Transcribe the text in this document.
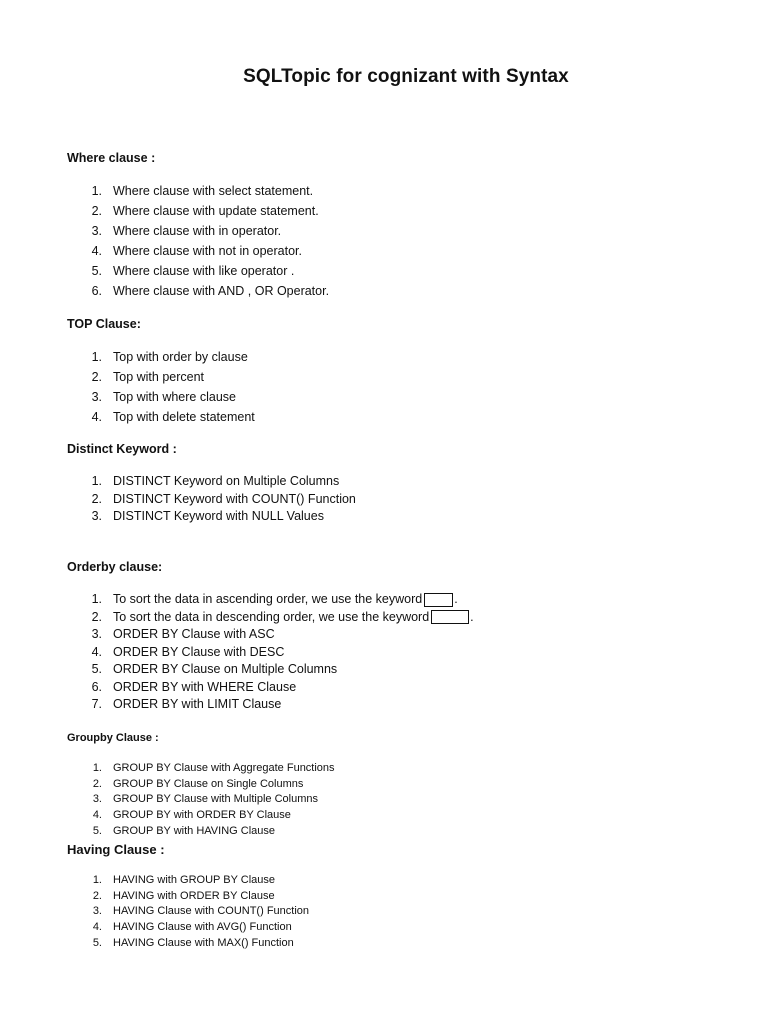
SQLTopic for cognizant with Syntax
Where clause :
1. Where clause with select statement.
2. Where clause with update statement.
3. Where clause with in operator.
4. Where clause with not in operator.
5. Where clause with like operator .
6. Where clause with AND , OR Operator.
TOP Clause:
1. Top with order by clause
2. Top with percent
3. Top with where clause
4. Top with delete statement
Distinct Keyword :
1. DISTINCT Keyword on Multiple Columns
2. DISTINCT Keyword with COUNT() Function
3. DISTINCT Keyword with NULL Values
Orderby clause:
1. To sort the data in ascending order, we use the keyword	.
2. To sort the data in descending order, we use the keyword	.
3. ORDER BY Clause with ASC
4. ORDER BY Clause with DESC
5. ORDER BY Clause on Multiple Columns
6. ORDER BY with WHERE Clause
7. ORDER BY with LIMIT Clause
Groupby Clause :
1. GROUP BY Clause with Aggregate Functions
2. GROUP BY Clause on Single Columns
3. GROUP BY Clause with Multiple Columns
4. GROUP BY with ORDER BY Clause
5. GROUP BY with HAVING Clause
Having Clause :
1. HAVING with GROUP BY Clause
2. HAVING with ORDER BY Clause
3. HAVING Clause with COUNT() Function
4. HAVING Clause with AVG() Function
5. HAVING Clause with MAX() Function
